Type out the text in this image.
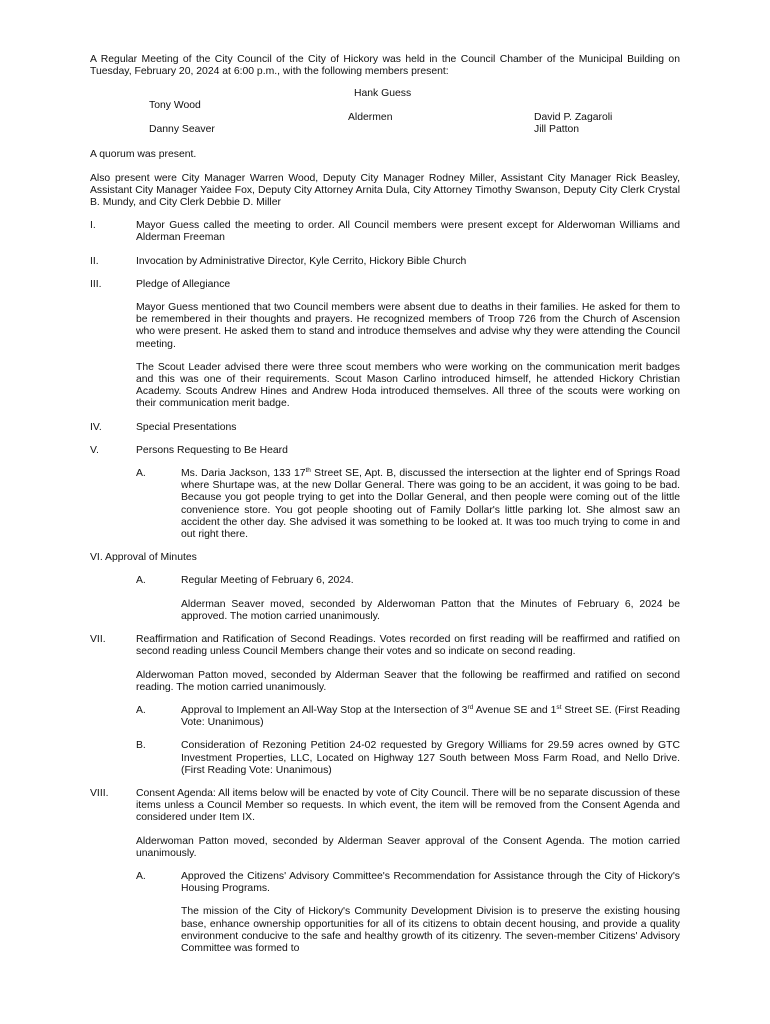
A Regular Meeting of the City Council of the City of Hickory was held in the Council Chamber of the Municipal Building on Tuesday, February 20, 2024 at 6:00 p.m., with the following members present:

Hank Guess
Tony Wood
Aldermen	David P. Zagaroli
Danny Seaver	Jill Patton

A quorum was present.

Also present were City Manager Warren Wood, Deputy City Manager Rodney Miller, Assistant City Manager Rick Beasley, Assistant City Manager Yaidee Fox, Deputy City Attorney Arnita Dula, City Attorney Timothy Swanson, Deputy City Clerk Crystal B. Mundy, and City Clerk Debbie D. Miller

I.	Mayor Guess called the meeting to order. All Council members were present except for Alderwoman Williams and Alderman Freeman
II.	Invocation by Administrative Director, Kyle Cerrito, Hickory Bible Church
III.	Pledge of Allegiance

Mayor Guess mentioned that two Council members were absent due to deaths in their families. He asked for them to be remembered in their thoughts and prayers. He recognized members of Troop 726 from the Church of Ascension who were present. He asked them to stand and introduce themselves and advise why they were attending the Council meeting.

The Scout Leader advised there were three scout members who were working on the communication merit badges and this was one of their requirements. Scout Mason Carlino introduced himself, he attended Hickory Christian Academy. Scouts Andrew Hines and Andrew Hoda introduced themselves. All three of the scouts were working on their communication merit badge.

IV.	Special Presentations
V.	Persons Requesting to Be Heard
A.	Ms. Daria Jackson, 133 17th Street SE, Apt. B, discussed the intersection at the lighter end of Springs Road where Shurtape was, at the new Dollar General. There was going to be an accident, it was going to be bad. Because you got people trying to get into the Dollar General, and then people were coming out of the little convenience store. You got people shooting out of Family Dollar's little parking lot. She almost saw an accident the other day. She advised it was something to be looked at. It was too much trying to come in and out right there.

VI. Approval of Minutes

A.	Regular Meeting of February 6, 2024.

Alderman Seaver moved, seconded by Alderwoman Patton that the Minutes of February 6, 2024 be approved. The motion carried unanimously.

VII.	Reaffirmation and Ratification of Second Readings. Votes recorded on first reading will be reaffirmed and ratified on second reading unless Council Members change their votes and so indicate on second reading.

Alderwoman Patton moved, seconded by Alderman Seaver that the following be reaffirmed and ratified on second reading. The motion carried unanimously.

A.	Approval to Implement an All-Way Stop at the Intersection of 3rd Avenue SE and 1st Street SE. (First Reading Vote: Unanimous)
B.	Consideration of Rezoning Petition 24-02 requested by Gregory Williams for 29.59 acres owned by GTC Investment Properties, LLC, Located on Highway 127 South between Moss Farm Road, and Nello Drive. (First Reading Vote: Unanimous)
VIII.	Consent Agenda: All items below will be enacted by vote of City Council. There will be no separate discussion of these items unless a Council Member so requests. In which event, the item will be removed from the Consent Agenda and considered under Item IX.

Alderwoman Patton moved, seconded by Alderman Seaver approval of the Consent Agenda. The motion carried unanimously.

A.	Approved the Citizens' Advisory Committee's Recommendation for Assistance through the City of Hickory's Housing Programs.

The mission of the City of Hickory's Community Development Division is to preserve the existing housing base, enhance ownership opportunities for all of its citizens to obtain decent housing, and provide a quality environment conducive to the safe and healthy growth of its citizenry. The seven-member Citizens' Advisory Committee was formed to
